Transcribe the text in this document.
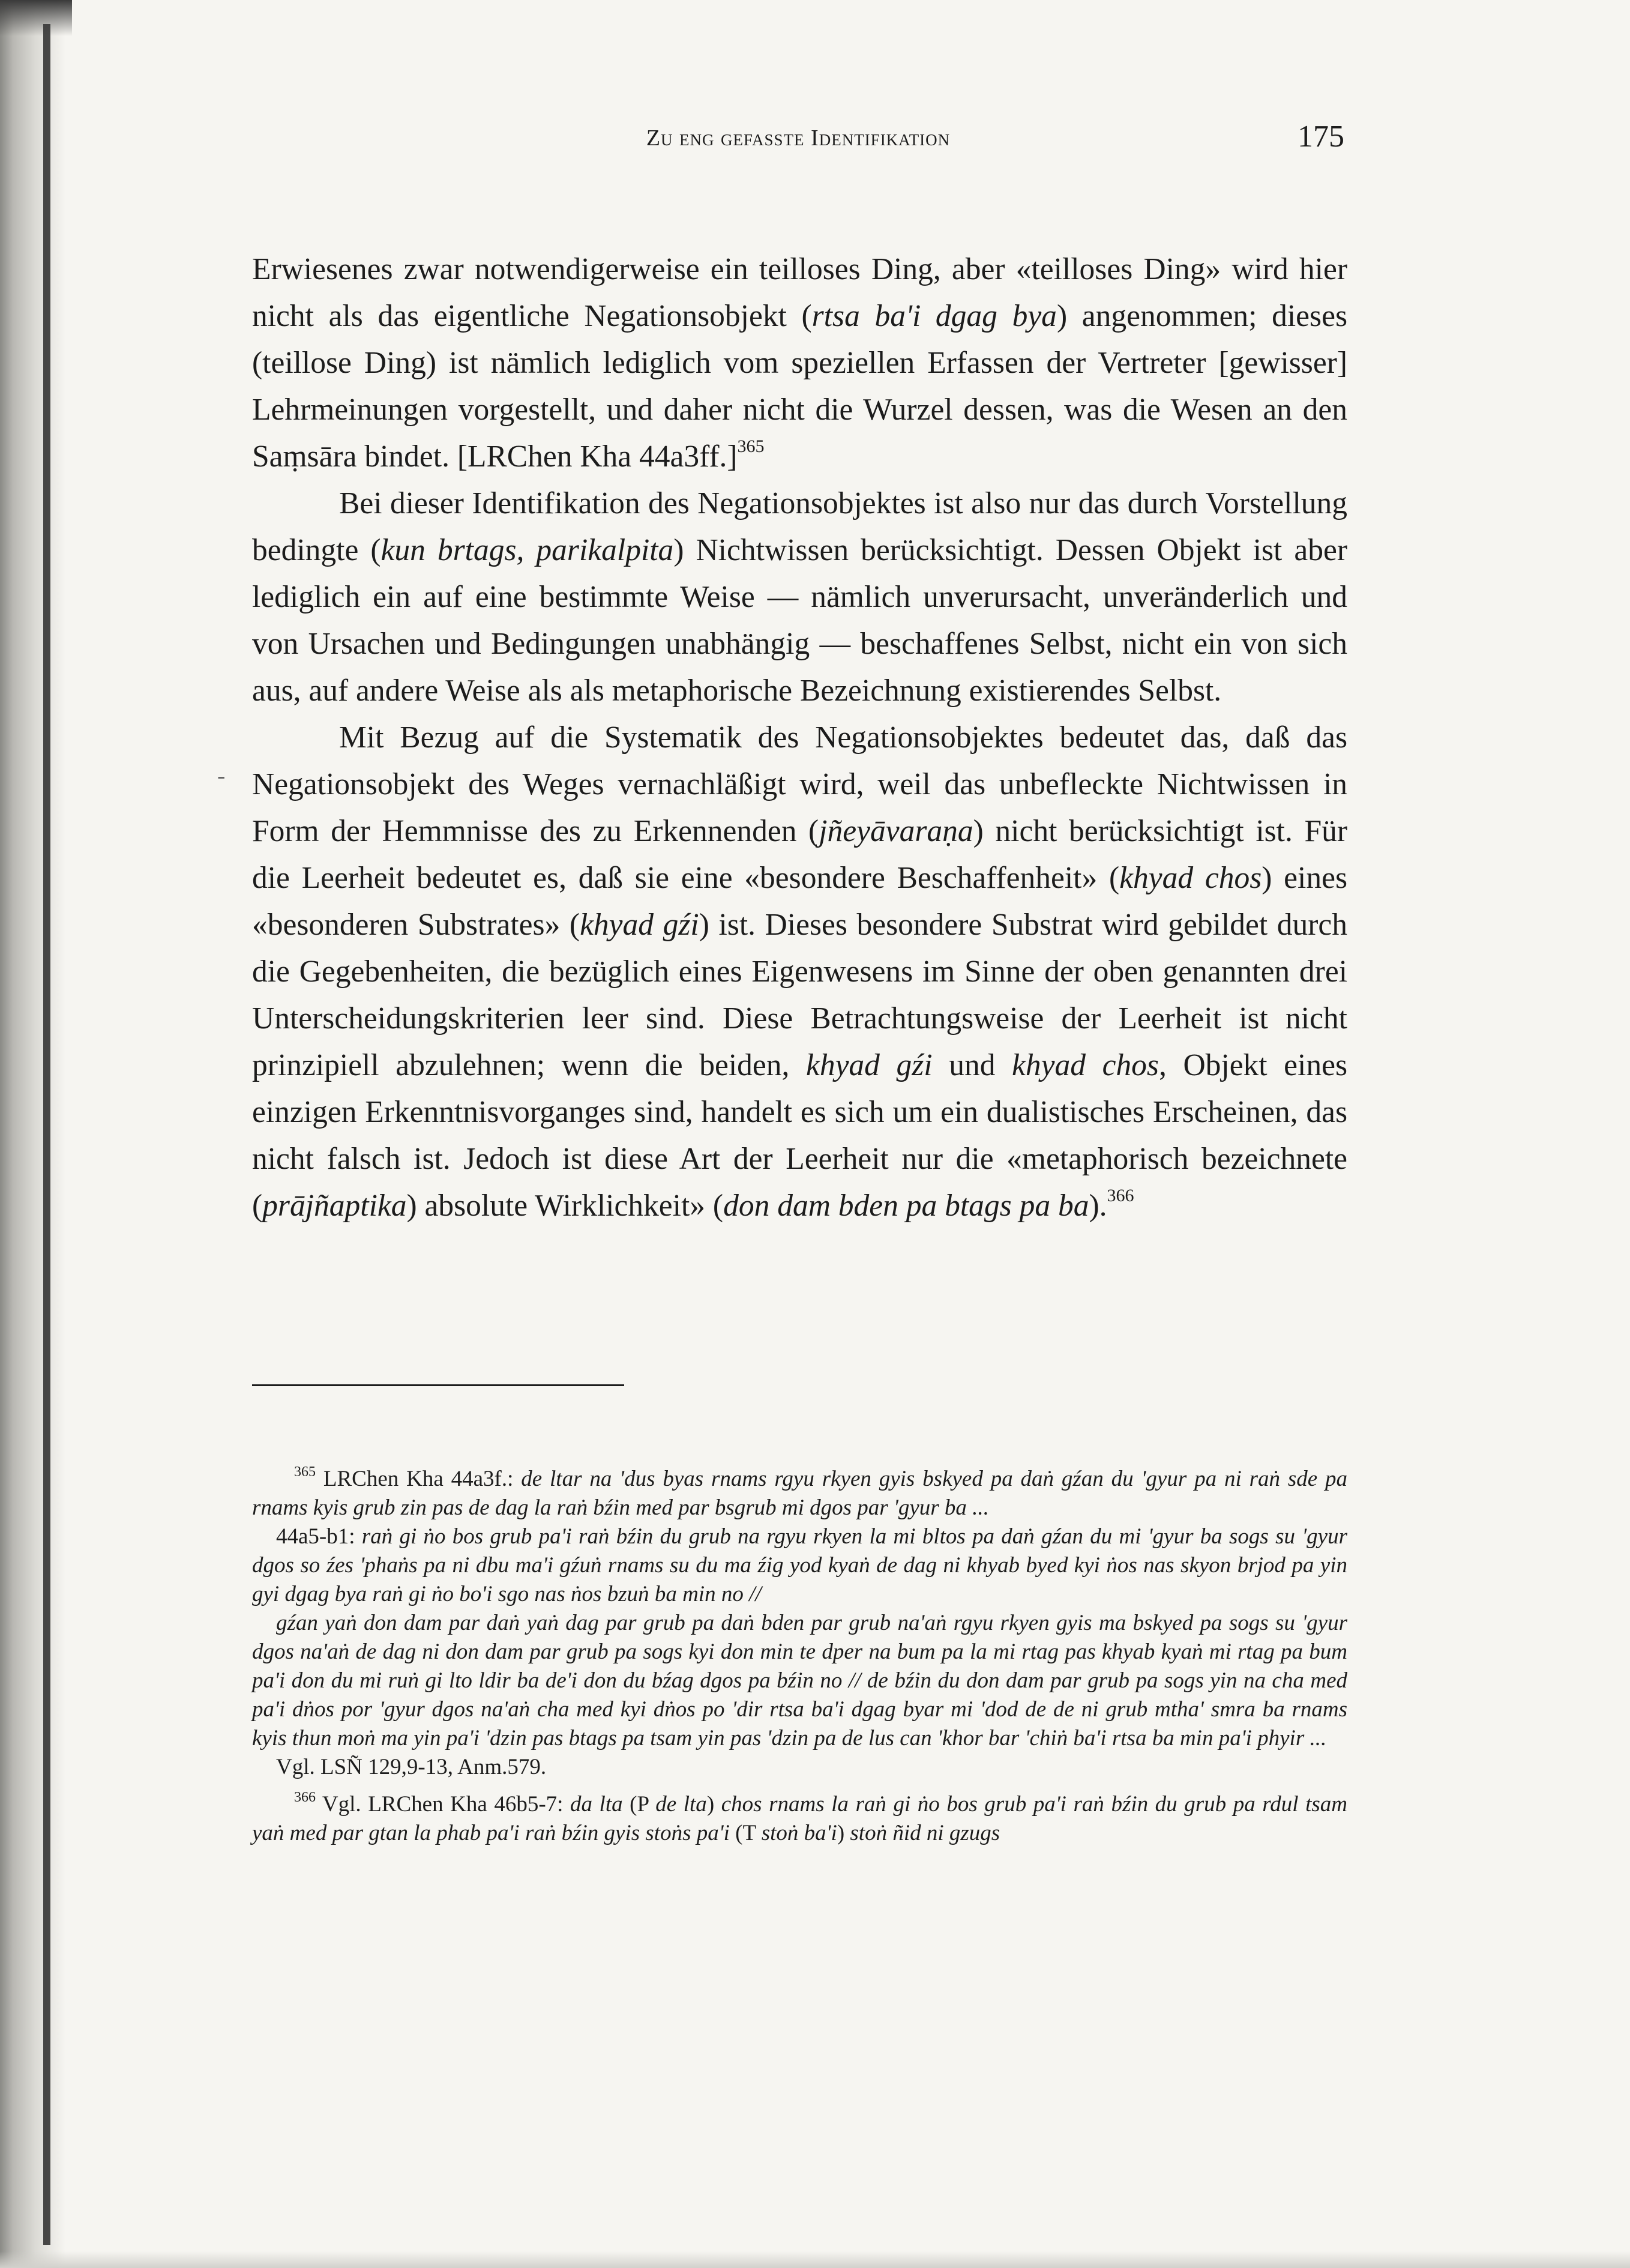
Zu eng gefasste Identifikation	175

Erwiesenes zwar notwendigerweise ein teilloses Ding, aber «teilloses Ding» wird hier nicht als das eigentliche Negationsobjekt (rtsa ba'i dgag bya) angenommen; dieses (teillose Ding) ist nämlich lediglich vom speziellen Erfassen der Vertreter [gewisser] Lehrmeinungen vorgestellt, und daher nicht die Wurzel dessen, was die Wesen an den Saṃsāra bindet. [LRChen Kha 44a3ff.]$^{365}$

Bei dieser Identifikation des Negationsobjektes ist also nur das durch Vorstellung bedingte (kun brtags, parikalpita) Nichtwissen berücksichtigt. Dessen Objekt ist aber lediglich ein auf eine bestimmte Weise — nämlich unverursacht, unveränderlich und von Ursachen und Bedingungen unabhängig — beschaffenes Selbst, nicht ein von sich aus, auf andere Weise als als metaphorische Bezeichnung existierendes Selbst.

Mit Bezug auf die Systematik des Negationsobjektes bedeutet das, daß das Negationsobjekt des Weges vernachläßigt wird, weil das unbefleckte Nichtwissen in Form der Hemmnisse des zu Erkennenden (jñeyāvaraṇa) nicht berücksichtigt ist. Für die Leerheit bedeutet es, daß sie eine «besondere Beschaffenheit» (khyad chos) eines «besonderen Substrates» (khyad gźi) ist. Dieses besondere Substrat wird gebildet durch die Gegebenheiten, die bezüglich eines Eigenwesens im Sinne der oben genannten drei Unterscheidungskriterien leer sind. Diese Betrachtungsweise der Leerheit ist nicht prinzipiell abzulehnen; wenn die beiden, khyad gźi und khyad chos, Objekt eines einzigen Erkenntnisvorganges sind, handelt es sich um ein dualistisches Erscheinen, das nicht falsch ist. Jedoch ist diese Art der Leerheit nur die «metaphorisch bezeichnete (prājñaptika) absolute Wirklichkeit» (don dam bden pa btags pa ba).$^{366}$

-

$^{365}$ LRChen Kha 44a3f.: de ltar na 'dus byas rnams rgyu rkyen gyis bskyed pa daṅ gźan du 'gyur pa ni raṅ sde pa rnams kyis grub zin pas de dag la raṅ bźin med par bsgrub mi dgos par 'gyur ba ...

44a5-b1: raṅ gi ṅo bos grub pa'i raṅ bźin du grub na rgyu rkyen la mi bltos pa daṅ gźan du mi 'gyur ba sogs su 'gyur dgos so źes 'phaṅs pa ni dbu ma'i gźuṅ rnams su du ma źig yod kyaṅ de dag ni khyab byed kyi ṅos nas skyon brjod pa yin gyi dgag bya raṅ gi ṅo bo'i sgo nas ṅos bzuṅ ba min no //

gźan yaṅ don dam par daṅ yaṅ dag par grub pa daṅ bden par grub na'aṅ rgyu rkyen gyis ma bskyed pa sogs su 'gyur dgos na'aṅ de dag ni don dam par grub pa sogs kyi don min te dper na bum pa la mi rtag pas khyab kyaṅ mi rtag pa bum pa'i don du mi ruṅ gi lto ldir ba de'i don du bźag dgos pa bźin no // de bźin du don dam par grub pa sogs yin na cha med pa'i dṅos por 'gyur dgos na'aṅ cha med kyi dṅos po 'dir rtsa ba'i dgag byar mi 'dod de de ni grub mtha' smra ba rnams kyis thun moṅ ma yin pa'i 'dzin pas btags pa tsam yin pas 'dzin pa de lus can 'khor bar 'chiṅ ba'i rtsa ba min pa'i phyir ...

Vgl. LSÑ 129,9-13, Anm.579.

$^{366}$ Vgl. LRChen Kha 46b5-7: da lta (P de lta) chos rnams la raṅ gi ṅo bos grub pa'i raṅ bźin du grub pa rdul tsam yaṅ med par gtan la phab pa'i raṅ bźin gyis stoṅs pa'i (T stoṅ ba'i) stoṅ ñid ni gzugs
